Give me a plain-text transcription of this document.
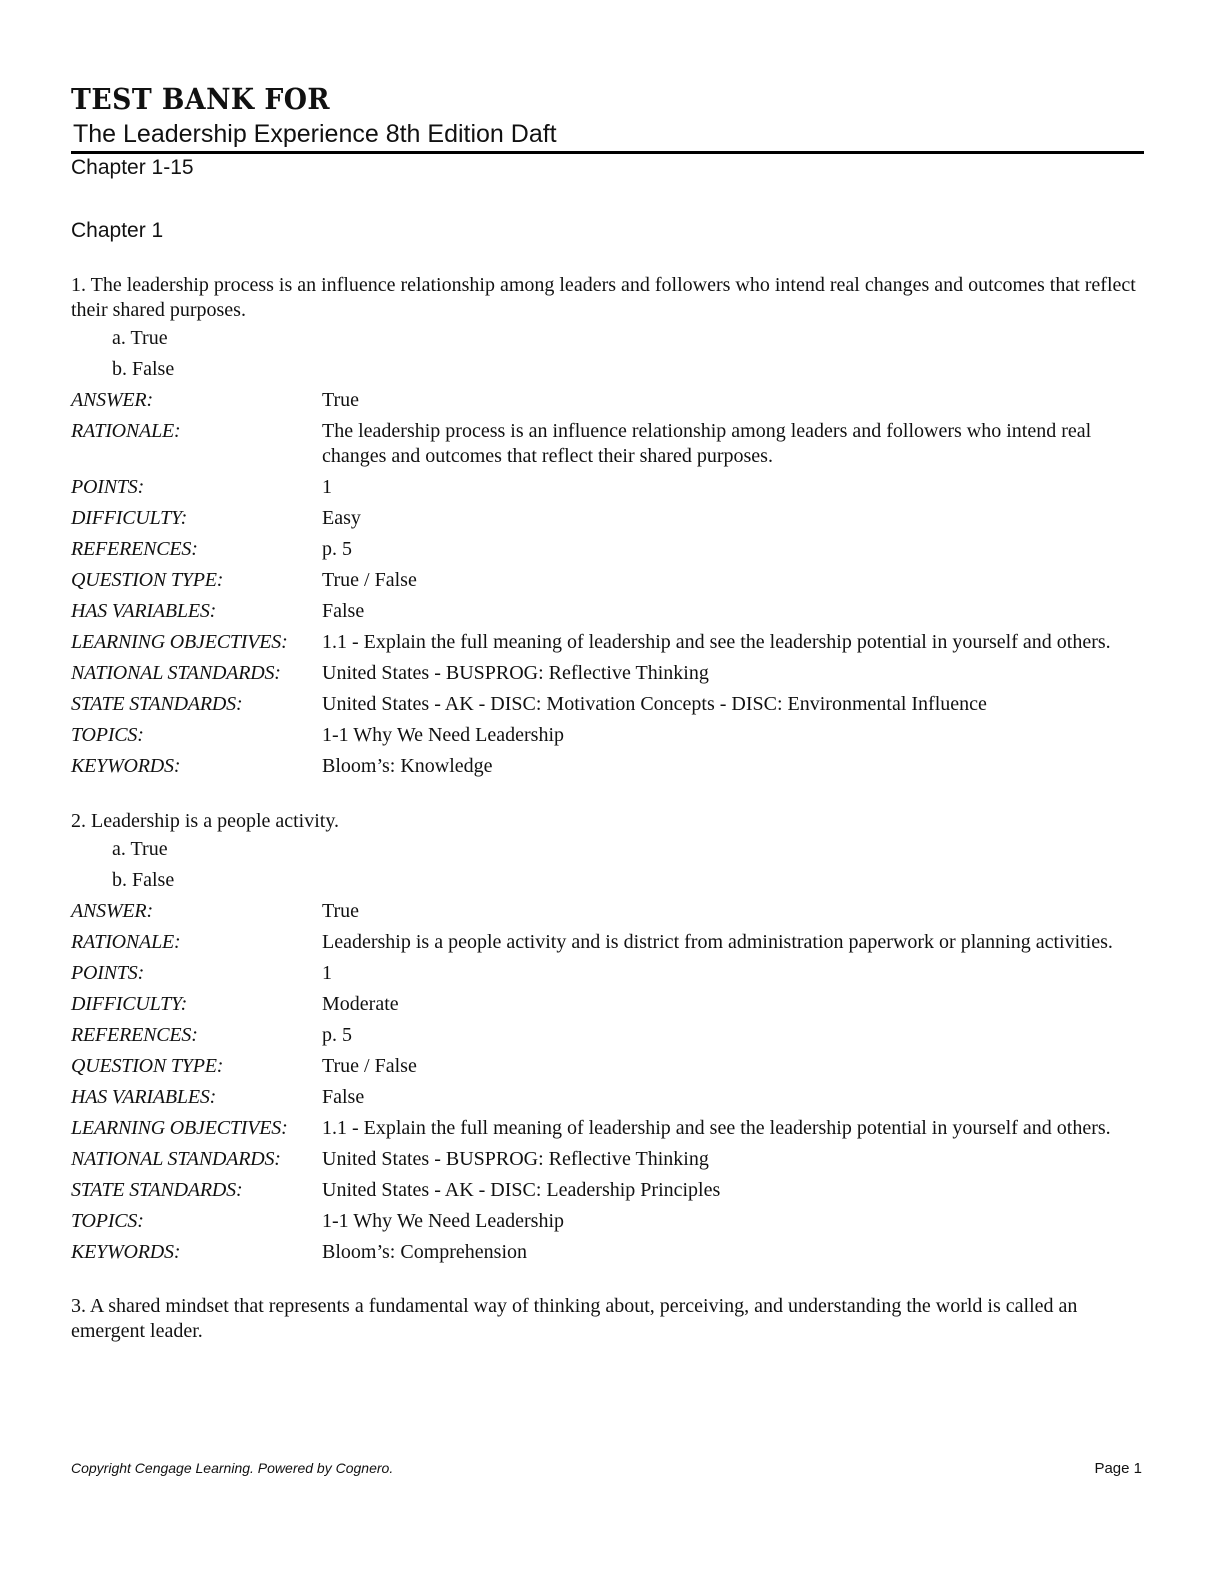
TEST BANK FOR
The Leadership Experience 8th Edition Daft
Chapter 1-15
Chapter 1

1. The leadership process is an influence relationship among leaders and followers who intend real changes and outcomes that reflect their shared purposes.

a. True
b. False
ANSWER:	True
RATIONALE:	The leadership process is an influence relationship among leaders and followers who intend real changes and outcomes that reflect their shared purposes.
POINTS:	1
DIFFICULTY:	Easy
REFERENCES:	p. 5
QUESTION TYPE:	True / False
HAS VARIABLES:	False
LEARNING OBJECTIVES:	1.1 - Explain the full meaning of leadership and see the leadership potential in yourself and others.
NATIONAL STANDARDS:	United States - BUSPROG: Reflective Thinking
STATE STANDARDS:	United States - AK - DISC: Motivation Concepts - DISC: Environmental Influence
TOPICS:	1-1 Why We Need Leadership
KEYWORDS:	Bloom’s: Knowledge

2. Leadership is a people activity.

a. True
b. False
ANSWER:	True
RATIONALE:	Leadership is a people activity and is district from administration paperwork or planning activities.
POINTS:	1
DIFFICULTY:	Moderate
REFERENCES:	p. 5
QUESTION TYPE:	True / False
HAS VARIABLES:	False
LEARNING OBJECTIVES:	1.1 - Explain the full meaning of leadership and see the leadership potential in yourself and others.
NATIONAL STANDARDS:	United States - BUSPROG: Reflective Thinking
STATE STANDARDS:	United States - AK - DISC: Leadership Principles
TOPICS:	1-1 Why We Need Leadership
KEYWORDS:	Bloom’s: Comprehension

3. A shared mindset that represents a fundamental way of thinking about, perceiving, and understanding the world is called an emergent leader.

Copyright Cengage Learning. Powered by Cognero.	Page 1
